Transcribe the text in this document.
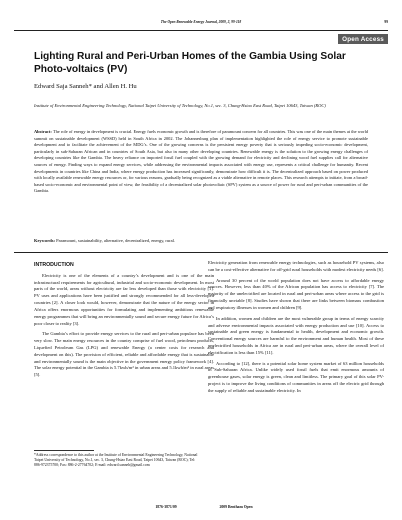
The Open Renewable Energy Journal, 2009, 2, 99-118	99
Open Access
Lighting Rural and Peri-Urban Homes of the Gambia Using Solar Photo-voltaics (PV)
Edward Saja Sanneh* and Allen H. Hu
Institute of Environmental Engineering Technology, National Taipei University of Technology, No.1, sec. 3, Chung-Hsiao East Road, Taipei 10643, Taiwan (ROC)
Abstract: The role of energy in development is crucial. Energy fuels economic growth and is therefore of paramount concern for all countries. This was one of the main themes at the world summit on sustainable development (WSSD) held in South Africa in 2002. The Johannesburg plan of implementation highlighted the role of energy service to promote sustainable development and to facilitate the achievement of the MDG’s. One of the growing concerns is the persistent energy poverty that is seriously impeding socio-economic development, particularly in sub-Saharan African and in countries of South Asia, but also in many other developing countries. Renewable energy is the solution to the growing energy challenges of developing countries like the Gambia. The heavy reliance on imported fossil fuel coupled with the growing demand for electricity and declining wood fuel supplies call for alternative sources of energy. Finding ways to expand energy services, while addressing the environmental impacts associated with energy use, represents a critical challenge for humanity. Recent developments in countries like China and India, where energy production has increased significantly, demonstrate how difficult it is. The decentralized approach based on power produced with locally available renewable energy resources or, for various reasons, gradually being recognized as a viable alternative in remote places. This research attempts to initiate, from a broad-based socio-economic and environmental point of view, the feasibility of a decentralized solar photovoltaic (SPV) system as a source of power for rural and peri-urban communities of the Gambia.
Keywords: Paramount, sustainability, alternative, decentralized, energy, rural.
INTRODUCTION

Electricity is one of the elements of a country’s development and is one of the main infrastructural requirements for agricultural, industrial and socio-economic development. In most parts of the world, areas without electricity are far less developed than those with electricity [1]. PV uses and applications have been justified and strongly recommended for all less-developed countries [2]. A closer look would, however, demonstrate that the nature of the energy sector in Africa offers enormous opportunities for formulating and implementing ambitious renewable energy programmes that will bring an environmentally sound and secure energy future for Africa’s poor closer to reality [3].

The Gambia’s effort to provide energy services to the rural and peri-urban populace has been very slow. The main energy resources in the country comprise of fuel wood, petroleum products, Liquefied Petroleum Gas (LPG) and renewable Energy (a center costs for research and development on this). The provision of efficient, reliable and affordable energy that is sustainable and environmentally sound is the main objective in the government energy policy framework [4]. The solar energy potential in the Gambia is 5.7kwh/m² in urban areas and 5.1kwh/m² in rural areas [5].

Electricity generation from renewable energy technologies, such as household PV systems, also can be a cost-effective alternative for off-grid rural households with modest electricity needs [6].

Around 30 percent of the world population does not have access to affordable energy sources. However, less than 40% of the African population has access to electricity [7]. The majority of the unelectrified are located in rural and peri-urban areas where access to the grid is financially unviable [8]. Studies have shown that there are links between biomass combustion and respiratory illnesses in women and children [9].

In addition, women and children are the most vulnerable group in terms of energy scarcity and adverse environmental impacts associated with energy production and use [10]. Access to sustainable and green energy is fundamental to health, development and economic growth. Conventional energy sources are harmful to the environment and human health. Most of these unelectrified households in Africa are in rural and peri-urban areas, where the overall level of electrification is less than 15% [11].

According to [12], there is a potential solar home system market of 63 million households in Sub-Saharan Africa. Unlike widely used fossil fuels that emit enormous amounts of greenhouse gases, solar energy is green, clean and limitless. The primary goal of this solar PV-project is to improve the living conditions of communities in areas off the electric grid through the supply of reliable and sustainable electricity. In

*Address correspondence to this author at the Institute of Environmental Engineering Technology, National Taipei University of Technology, No.1, sec. 3, Chung-Hsiao East Road, Taipei 10643, Taiwan (ROC); Tel: 886-972375700; Fax: 886-2-27764702; E-mail: edward.sanneh@gmail.com
1876-3871/09	2009 Bentham Open
